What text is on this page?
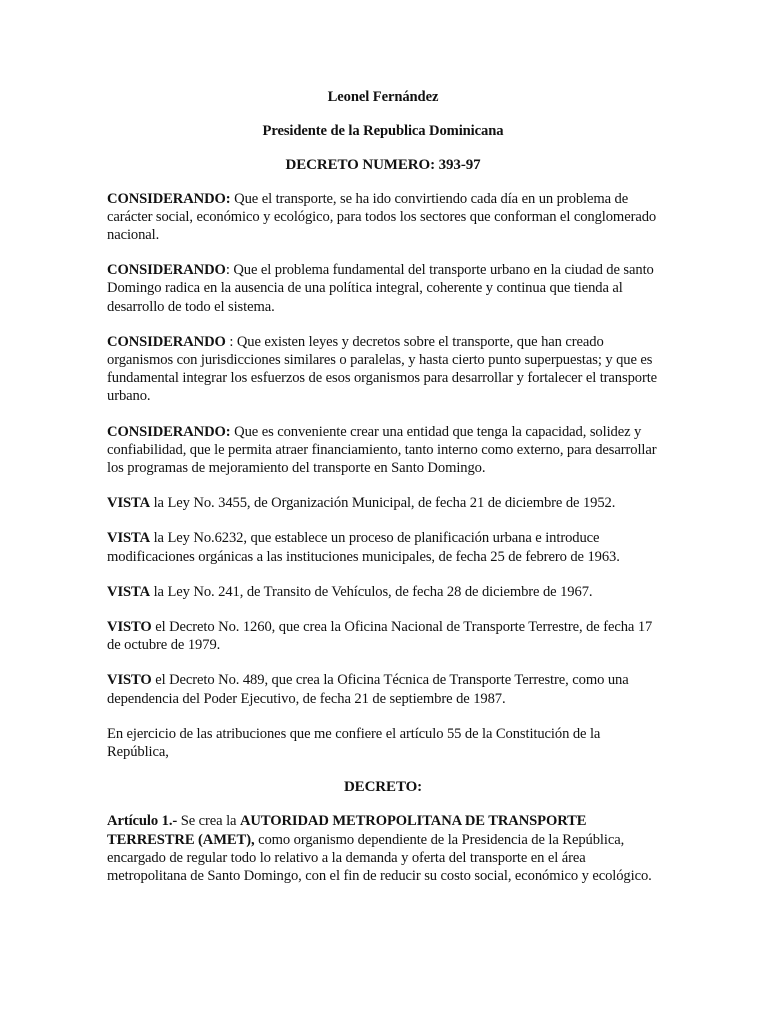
Leonel Fernández
Presidente de la Republica Dominicana
DECRETO NUMERO: 393-97

CONSIDERANDO: Que el transporte, se ha ido convirtiendo cada día en un problema de carácter social, económico y ecológico, para todos los sectores que conforman el conglomerado nacional.

CONSIDERANDO: Que el problema fundamental del transporte urbano en la ciudad de santo Domingo radica en la ausencia de una política integral, coherente y continua que tienda al desarrollo de todo el sistema.

CONSIDERANDO : Que existen leyes y decretos sobre el transporte, que han creado organismos con jurisdicciones similares o paralelas, y hasta cierto punto superpuestas; y que es fundamental integrar los esfuerzos de esos organismos para desarrollar y fortalecer el transporte urbano.

CONSIDERANDO: Que es conveniente crear una entidad que tenga la capacidad, solidez y confiabilidad, que le permita atraer financiamiento, tanto interno como externo, para desarrollar los programas de mejoramiento del transporte en Santo Domingo.

VISTA la Ley No. 3455, de Organización Municipal, de fecha 21 de diciembre de 1952.

VISTA la Ley No.6232, que establece un proceso de planificación urbana e introduce modificaciones orgánicas a las instituciones municipales, de fecha 25 de febrero de 1963.

VISTA la Ley No. 241, de Transito de Vehículos, de fecha 28 de diciembre de 1967.

VISTO el Decreto No. 1260, que crea la Oficina Nacional de Transporte Terrestre, de fecha 17 de octubre de 1979.

VISTO el Decreto No. 489, que crea la Oficina Técnica de Transporte Terrestre, como una dependencia del Poder Ejecutivo, de fecha 21 de septiembre de 1987.

En ejercicio de las atribuciones que me confiere el artículo 55 de la Constitución de la República,

DECRETO:

Artículo 1.- Se crea la AUTORIDAD METROPOLITANA DE TRANSPORTE TERRESTRE (AMET), como organismo dependiente de la Presidencia de la República, encargado de regular todo lo relativo a la demanda y oferta del transporte en el área metropolitana de Santo Domingo, con el fin de reducir su costo social, económico y ecológico.
